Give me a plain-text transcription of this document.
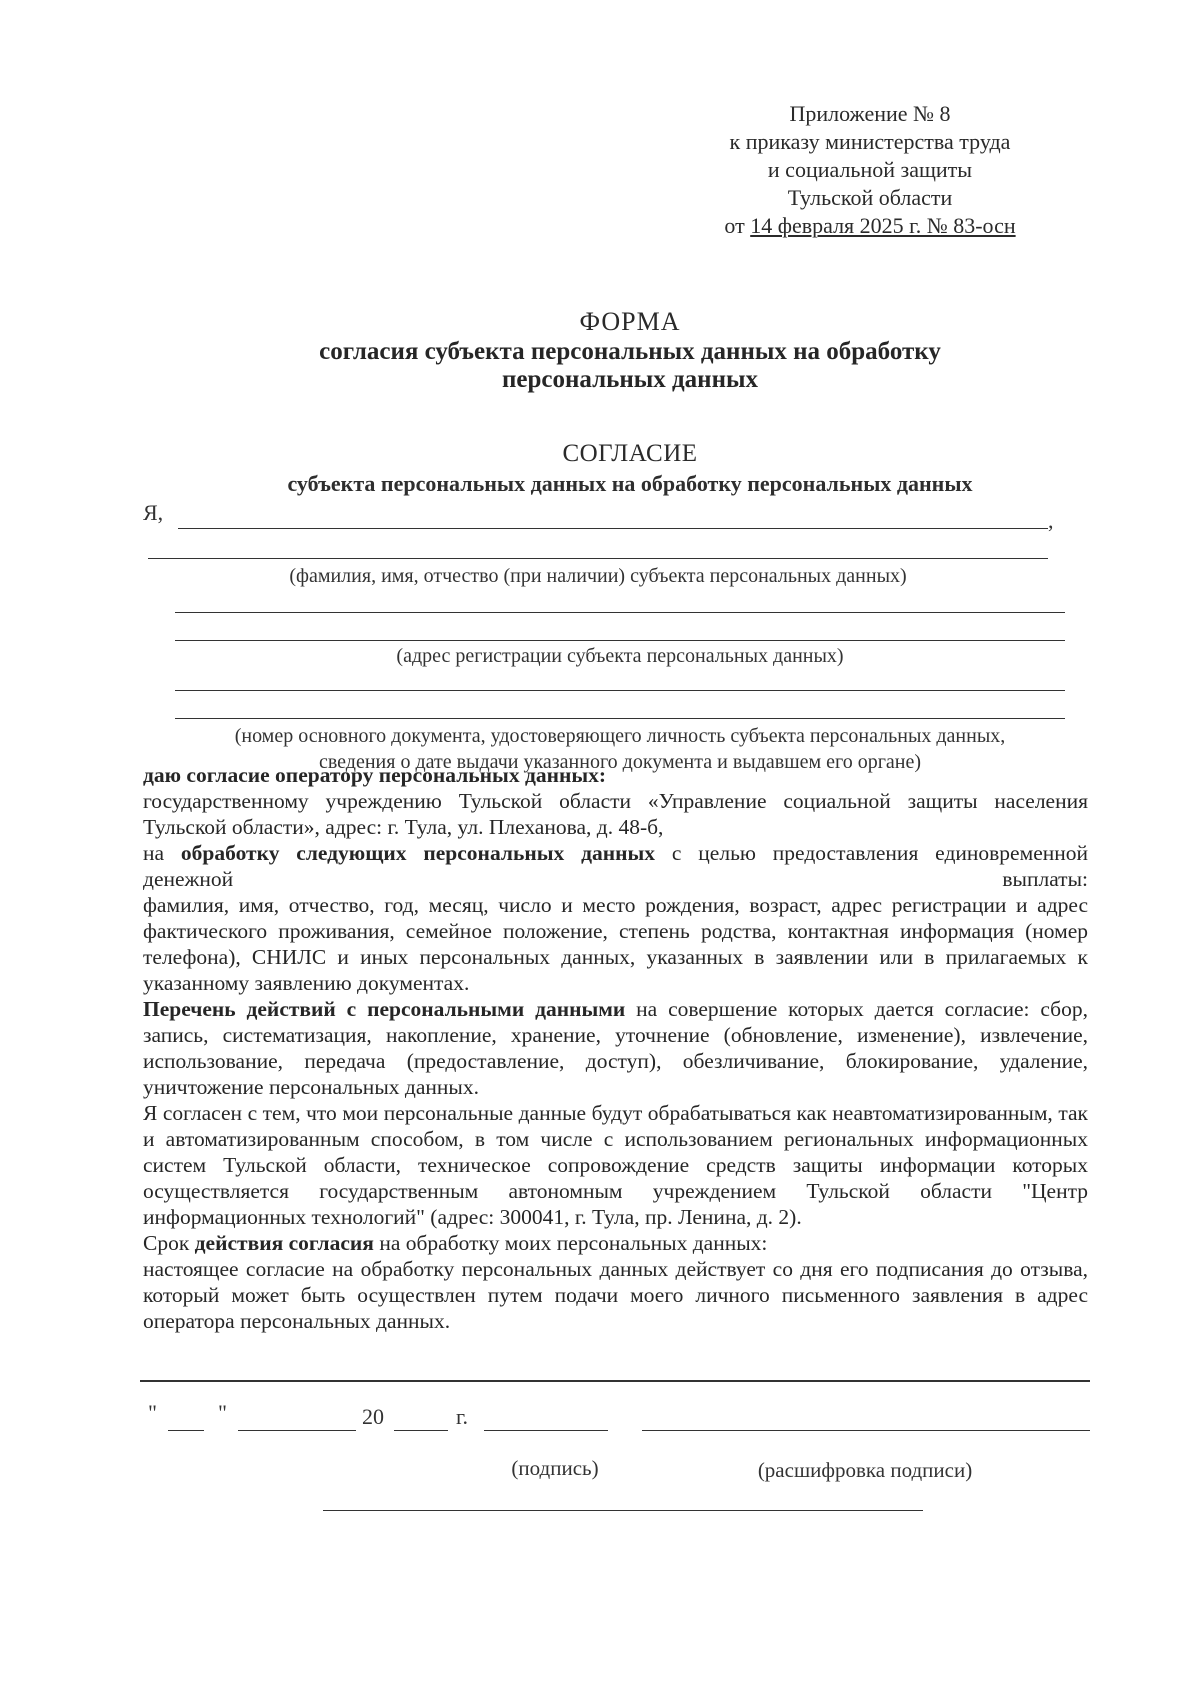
Приложение № 8
к приказу министерства труда
и социальной защиты
Тульской области
от 14 февраля 2025 г. № 83-осн
ФОРМА
согласия субъекта персональных данных на обработку
персональных данных
СОГЛАСИЕ
субъекта персональных данных на обработку персональных данных
Я,	,
(фамилия, имя, отчество (при наличии) субъекта персональных данных)
(адрес регистрации субъекта персональных данных)
(номер основного документа, удостоверяющего личность субъекта персональных данных,
сведения о дате выдачи указанного документа и выдавшем его органе)

даю согласие оператору персональных данных:

государственному учреждению Тульской области «Управление социальной защиты населения Тульской области», адрес: г. Тула, ул. Плеханова, д. 48-б,

на обработку следующих персональных данных с целью предоставления единовременной денежной выплаты:

фамилия, имя, отчество, год, месяц, число и место рождения, возраст, адрес регистрации и адрес фактического проживания, семейное положение, степень родства, контактная информация (номер телефона), СНИЛС и иных персональных данных, указанных в заявлении или в прилагаемых к указанному заявлению документах.

Перечень действий с персональными данными на совершение которых дается согласие: сбор, запись, систематизация, накопление, хранение, уточнение (обновление, изменение), извлечение, использование, передача (предоставление, доступ), обезличивание, блокирование, удаление, уничтожение персональных данных.

Я согласен с тем, что мои персональные данные будут обрабатываться как неавтоматизированным, так и автоматизированным способом, в том числе с использованием региональных информационных систем Тульской области, техническое сопровождение средств защиты информации которых осуществляется государственным автономным учреждением Тульской области "Центр информационных технологий" (адрес: 300041, г. Тула, пр. Ленина, д. 2).

Срок действия согласия на обработку моих персональных данных:

настоящее согласие на обработку персональных данных действует со дня его подписания до отзыва, который может быть осуществлен путем подачи моего личного письменного заявления в адрес оператора персональных данных.

"	"	20	г.
(подпись)	(расшифровка подписи)
